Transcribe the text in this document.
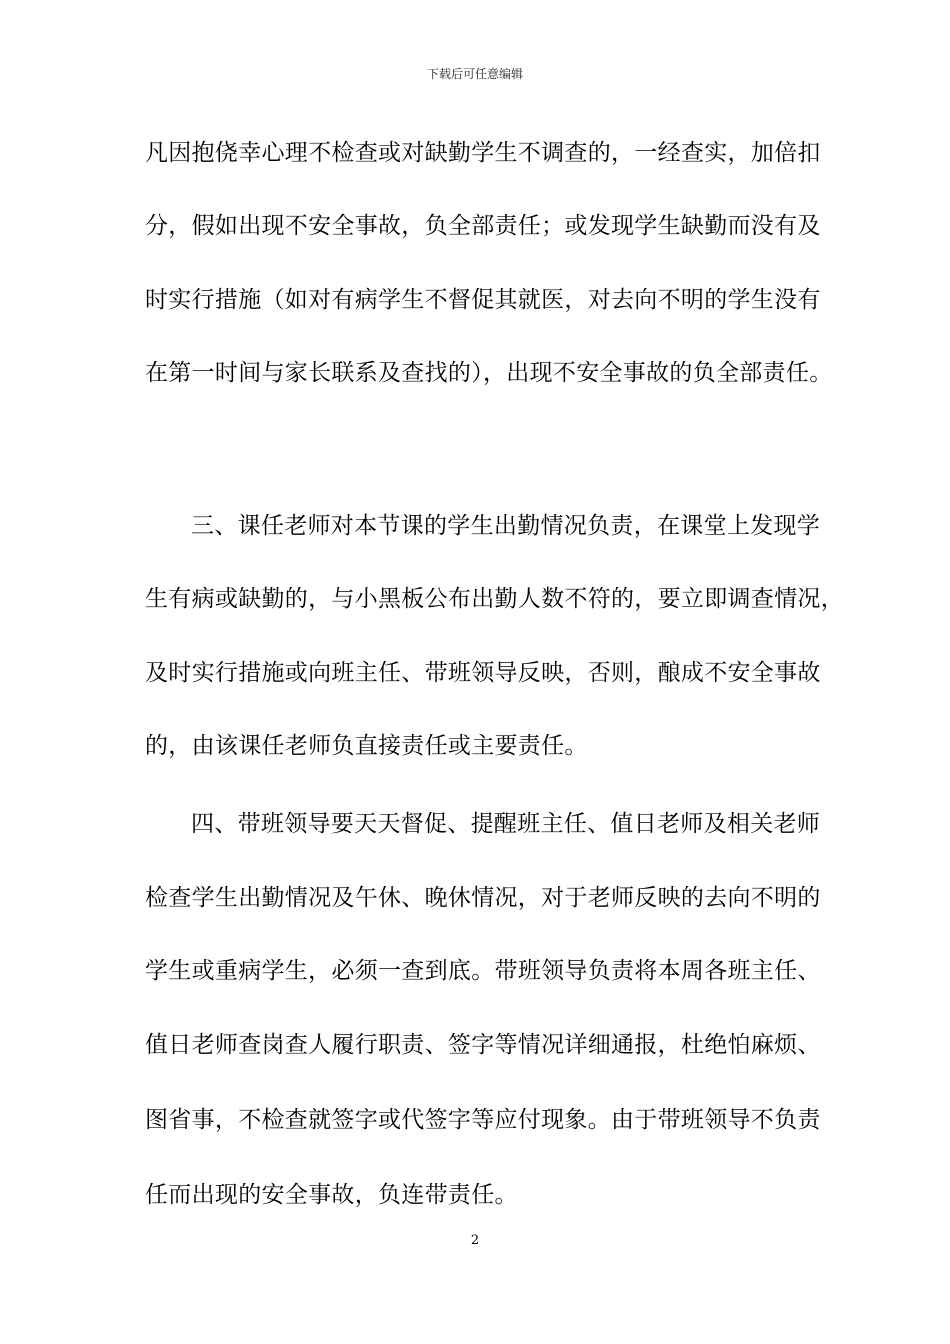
下载后可任意编辑
凡因抱侥幸心理不检查或对缺勤学生不调查的，一经查实，加倍扣
分，假如出现不安全事故，负全部责任；或发现学生缺勤而没有及
时实行措施（如对有病学生不督促其就医，对去向不明的学生没有
在第一时间与家长联系及查找的），出现不安全事故的负全部责任。
三、课任老师对本节课的学生出勤情况负责，在课堂上发现学
生有病或缺勤的，与小黑板公布出勤人数不符的，要立即调查情况，
及时实行措施或向班主任、带班领导反映，否则，酿成不安全事故
的，由该课任老师负直接责任或主要责任。
四、带班领导要天天督促、提醒班主任、值日老师及相关老师
检查学生出勤情况及午休、晚休情况，对于老师反映的去向不明的
学生或重病学生，必须一查到底。带班领导负责将本周各班主任、
值日老师查岗查人履行职责、签字等情况详细通报，杜绝怕麻烦、
图省事，不检查就签字或代签字等应付现象。由于带班领导不负责
任而出现的安全事故，负连带责任。
2
